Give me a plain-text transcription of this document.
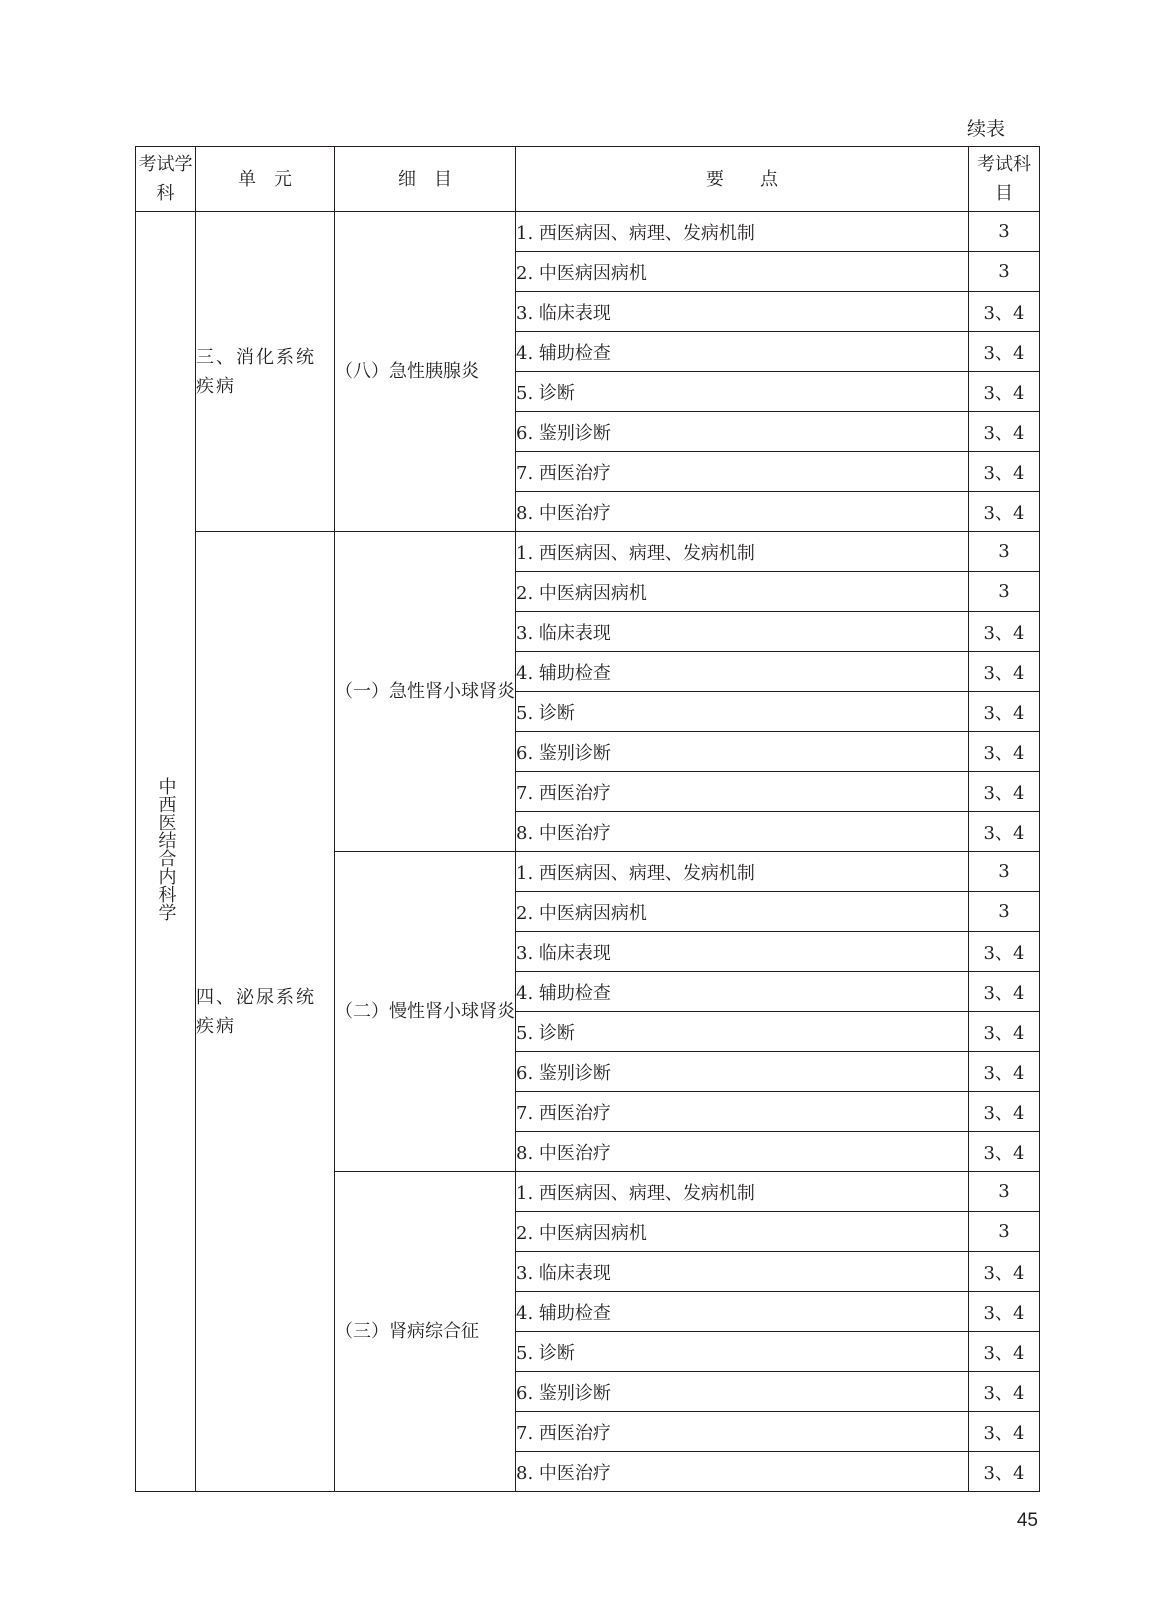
续表
考试学科	单　元	细　目	要　　点	考试科目
中西医结合内科学	三、消化系统疾病	（八）急性胰腺炎	1. 西医病因、病理、发病机制	3
			2. 中医病因病机	3
			3. 临床表现	3、4
			4. 辅助检查	3、4
			5. 诊断	3、4
			6. 鉴别诊断	3、4
			7. 西医治疗	3、4
			8. 中医治疗	3、4
	四、泌尿系统疾病	（一）急性肾小球肾炎	1. 西医病因、病理、发病机制	3
			2. 中医病因病机	3
			3. 临床表现	3、4
			4. 辅助检查	3、4
			5. 诊断	3、4
			6. 鉴别诊断	3、4
			7. 西医治疗	3、4
			8. 中医治疗	3、4
		（二）慢性肾小球肾炎	1. 西医病因、病理、发病机制	3
			2. 中医病因病机	3
			3. 临床表现	3、4
			4. 辅助检查	3、4
			5. 诊断	3、4
			6. 鉴别诊断	3、4
			7. 西医治疗	3、4
			8. 中医治疗	3、4
		（三）肾病综合征	1. 西医病因、病理、发病机制	3
			2. 中医病因病机	3
			3. 临床表现	3、4
			4. 辅助检查	3、4
			5. 诊断	3、4
			6. 鉴别诊断	3、4
			7. 西医治疗	3、4
			8. 中医治疗	3、4
45
